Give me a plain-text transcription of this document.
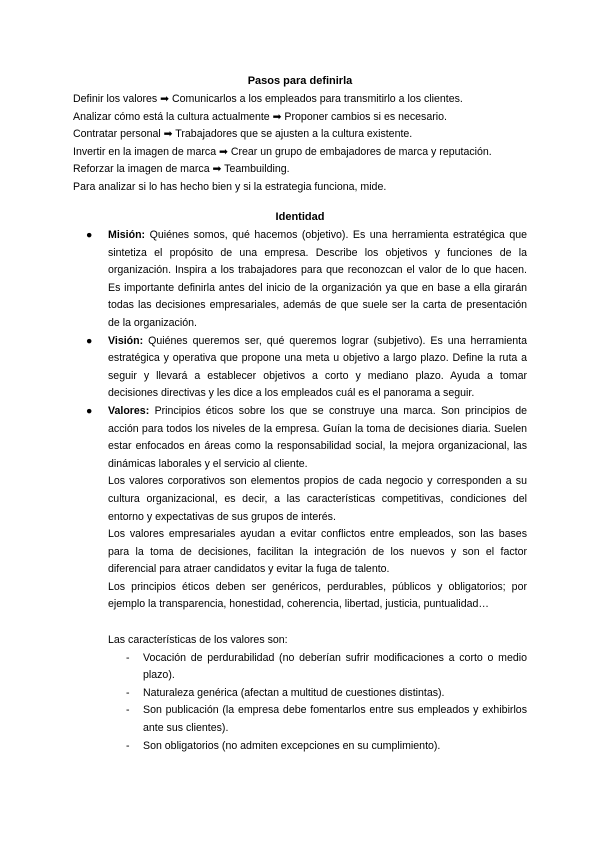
Pasos para definirla
Definir los valores ➡ Comunicarlos a los empleados para transmitirlo a los clientes.
Analizar cómo está la cultura actualmente ➡ Proponer cambios si es necesario.
Contratar personal ➡ Trabajadores que se ajusten a la cultura existente.
Invertir en la imagen de marca ➡ Crear un grupo de embajadores de marca y reputación.
Reforzar la imagen de marca ➡ Teambuilding.
Para analizar si lo has hecho bien y si la estrategia funciona, mide.
Identidad
●	Misión: Quiénes somos, qué hacemos (objetivo). Es una herramienta estratégica que sintetiza el propósito de una empresa. Describe los objetivos y funciones de la organización. Inspira a los trabajadores para que reconozcan el valor de lo que hacen. Es importante definirla antes del inicio de la organización ya que en base a ella girarán todas las decisiones empresariales, además de que suele ser la carta de presentación de la organización.
●	Visión: Quiénes queremos ser, qué queremos lograr (subjetivo). Es una herramienta estratégica y operativa que propone una meta u objetivo a largo plazo. Define la ruta a seguir y llevará a establecer objetivos a corto y mediano plazo. Ayuda a tomar decisiones directivas y les dice a los empleados cuál es el panorama a seguir.
●	Valores: Principios éticos sobre los que se construye una marca. Son principios de acción para todos los niveles de la empresa. Guían la toma de decisiones diaria. Suelen estar enfocados en áreas como la responsabilidad social, la mejora organizacional, las dinámicas laborales y el servicio al cliente.

Los valores corporativos son elementos propios de cada negocio y corresponden a su cultura organizacional, es decir, a las características competitivas, condiciones del entorno y expectativas de sus grupos de interés.

Los valores empresariales ayudan a evitar conflictos entre empleados, son las bases para la toma de decisiones, facilitan la integración de los nuevos y son el factor diferencial para atraer candidatos y evitar la fuga de talento.

Los principios éticos deben ser genéricos, perdurables, públicos y obligatorios; por ejemplo la transparencia, honestidad, coherencia, libertad, justicia, puntualidad…

Las características de los valores son:

- Vocación de perdurabilidad (no deberían sufrir modificaciones a corto o medio plazo).
- Naturaleza genérica (afectan a multitud de cuestiones distintas).
- Son publicación (la empresa debe fomentarlos entre sus empleados y exhibirlos ante sus clientes).
- Son obligatorios (no admiten excepciones en su cumplimiento).
